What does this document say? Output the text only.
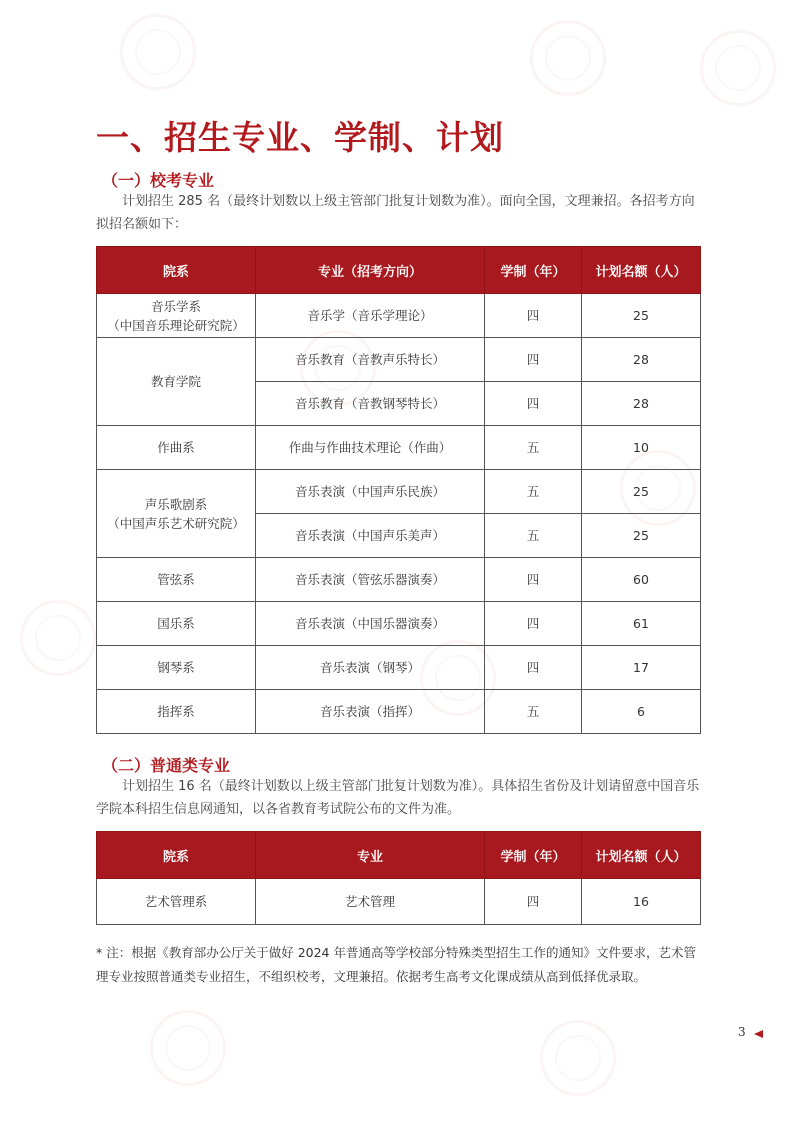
一、招生专业、学制、计划
（一）校考专业
计划招生 285 名（最终计划数以上级主管部门批复计划数为准）。面向全国，文理兼招。各招考方向拟招名额如下：
院系	专业（招考方向）	学制（年）	计划名额（人）
音乐学系
（中国音乐理论研究院）	音乐学（音乐学理论）	四	25
教育学院	音乐教育（音教声乐特长）	四	28
	音乐教育（音教钢琴特长）	四	28
作曲系	作曲与作曲技术理论（作曲）	五	10
声乐歌剧系
（中国声乐艺术研究院）	音乐表演（中国声乐民族）	五	25
	音乐表演（中国声乐美声）	五	25
管弦系	音乐表演（管弦乐器演奏）	四	60
国乐系	音乐表演（中国乐器演奏）	四	61
钢琴系	音乐表演（钢琴）	四	17
指挥系	音乐表演（指挥）	五	6
（二）普通类专业
计划招生 16 名（最终计划数以上级主管部门批复计划数为准）。具体招生省份及计划请留意中国音乐学院本科招生信息网通知，以各省教育考试院公布的文件为准。
院系	专业	学制（年）	计划名额（人）
艺术管理系	艺术管理	四	16
* 注：根据《教育部办公厅关于做好 2024 年普通高等学校部分特殊类型招生工作的通知》文件要求，艺术管理专业按照普通类专业招生，不组织校考，文理兼招。依据考生高考文化课成绩从高到低择优录取。
3
